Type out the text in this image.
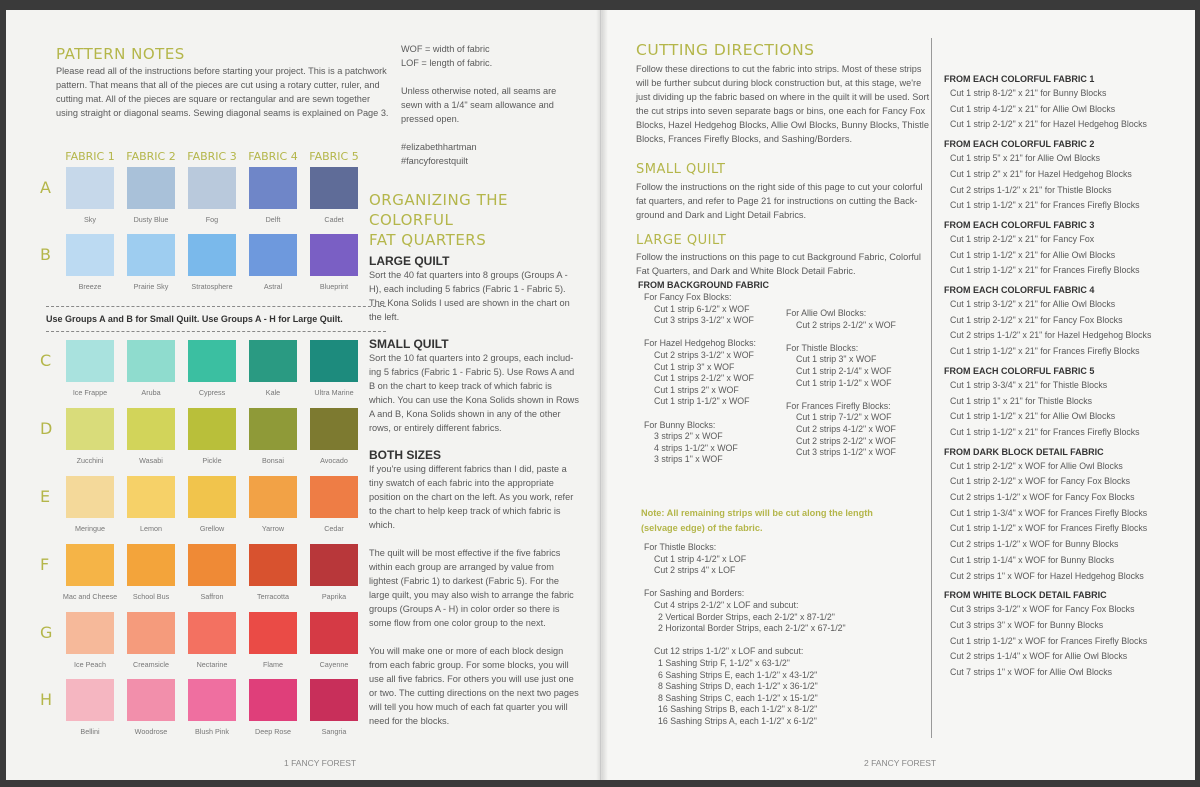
PATTERN NOTES
Please read all of the instructions before starting your project. This is a patchwork
pattern. That means that all of the pieces are cut using a rotary cutter, ruler, and
cutting mat. All of the pieces are square or rectangular and are sewn together
using straight or diagonal seams. Sewing diagonal seams is explained on Page 3.
WOF = width of fabric
LOF = length of fabric.

Unless otherwise noted, all seams are
sewn with a 1/4" seam allowance and
pressed open.

#elizabethhartman
#fancyforestquilt
FABRIC 1	FABRIC 2	FABRIC 3	FABRIC 4	FABRIC 5
A
Sky	Dusty Blue	Fog	Delft	Cadet
B
Breeze	Prairie Sky	Stratosphere	Astral	Blueprint
C
Ice Frappe	Aruba	Cypress	Kale	Ultra Marine
D
Zucchini	Wasabi	Pickle	Bonsai	Avocado
E
Meringue	Lemon	Grellow	Yarrow	Cedar
F
Mac and Cheese	School Bus	Saffron	Terracotta	Paprika
G
Ice Peach	Creamsicle	Nectarine	Flame	Cayenne
H
Bellini	Woodrose	Blush Pink	Deep Rose	Sangria
Use Groups A and B for Small Quilt. Use Groups A - H for Large Quilt.
ORGANIZING THE COLORFUL
FAT QUARTERS
LARGE QUILT
Sort the 40 fat quarters into 8 groups (Groups A -
H), each including 5 fabrics (Fabric 1 - Fabric 5).
The Kona Solids I used are shown in the chart on
the left.
SMALL QUILT
Sort the 10 fat quarters into 2 groups, each includ-
ing 5 fabrics (Fabric 1 - Fabric 5). Use Rows A and
B on the chart to keep track of which fabric is
which. You can use the Kona Solids shown in Rows
A and B, Kona Solids shown in any of the other
rows, or entirely different fabrics.
BOTH SIZES
If you're using different fabrics than I did, paste a
tiny swatch of each fabric into the appropriate
position on the chart on the left. As you work, refer
to the chart to help keep track of which fabric is
which.

The quilt will be most effective if the five fabrics
within each group are arranged by value from
lightest (Fabric 1) to darkest (Fabric 5). For the
large quilt, you may also wish to arrange the fabric
groups (Groups A - H) in color order so there is
some flow from one color group to the next.

You will make one or more of each block design
from each fabric group. For some blocks, you will
use all five fabrics. For others you will use just one
or two. The cutting directions on the next two pages
will tell you how much of each fat quarter you will
need for the blocks.
1 FANCY FOREST
CUTTING DIRECTIONS
Follow these directions to cut the fabric into strips. Most of these strips
will be further subcut during block construction but, at this stage, we're
just dividing up the fabric based on where in the quilt it will be used. Sort
the cut strips into seven separate bags or bins, one each for Fancy Fox
Blocks, Hazel Hedgehog Blocks, Allie Owl Blocks, Bunny Blocks, Thistle
Blocks, Frances Firefly Blocks, and Sashing/Borders.
SMALL QUILT
Follow the instructions on the right side of this page to cut your colorful
fat quarters, and refer to Page 21 for instructions on cutting the Back-
ground and Dark and Light Detail Fabrics.
LARGE QUILT
Follow the instructions on this page to cut Background Fabric, Colorful
Fat Quarters, and Dark and White Block Detail Fabric.
FROM BACKGROUND FABRIC
For Fancy Fox Blocks:
Cut 1 strip 6-1/2" x WOF
Cut 3 strips 3-1/2" x WOF

For Hazel Hedgehog Blocks:
Cut 2 strips 3-1/2" x WOF
Cut 1 strip 3" x WOF
Cut 1 strips 2-1/2" x WOF
Cut 1 strips 2" x WOF
Cut 1 strip 1-1/2" x WOF

For Bunny Blocks:
3 strips 2" x WOF
4 strips 1-1/2" x WOF
3 strips 1" x WOF
For Allie Owl Blocks:
Cut 2 strips 2-1/2" x WOF

For Thistle Blocks:
Cut 1 strip 3" x WOF
Cut 1 strip 2-1/4" x WOF
Cut 1 strip 1-1/2" x WOF

For Frances Firefly Blocks:
Cut 1 strip 7-1/2" x WOF
Cut 2 strips 4-1/2" x WOF
Cut 2 strips 2-1/2" x WOF
Cut 3 strips 1-1/2" x WOF
Note: All remaining strips will be cut along the length
(selvage edge) of the fabric.
For Thistle Blocks:
Cut 1 strip 4-1/2" x LOF
Cut 2 strips 4" x LOF

For Sashing and Borders:
Cut 4 strips 2-1/2" x LOF and subcut:
2 Vertical Border Strips, each 2-1/2" x 87-1/2"
2 Horizontal Border Strips, each 2-1/2" x 67-1/2"

Cut 12 strips 1-1/2" x LOF and subcut:
1 Sashing Strip F, 1-1/2" x 63-1/2"
6 Sashing Strips E, each 1-1/2" x 43-1/2"
8 Sashing Strips D, each 1-1/2" x 36-1/2"
8 Sashing Strips C, each 1-1/2" x 15-1/2"
16 Sashing Strips B, each 1-1/2" x 8-1/2"
16 Sashing Strips A, each 1-1/2" x 6-1/2"
FROM EACH COLORFUL FABRIC 1
Cut 1 strip 8-1/2" x 21" for Bunny Blocks
Cut 1 strip 4-1/2" x 21" for Allie Owl Blocks
Cut 1 strip 2-1/2" x 21" for Hazel Hedgehog Blocks
FROM EACH COLORFUL FABRIC 2
Cut 1 strip 5" x 21" for Allie Owl Blocks
Cut 1 strip 2" x 21" for Hazel Hedgehog Blocks
Cut 2 strips 1-1/2" x 21" for Thistle Blocks
Cut 1 strip 1-1/2" x 21" for Frances Firefly Blocks
FROM EACH COLORFUL FABRIC 3
Cut 1 strip 2-1/2" x 21" for Fancy Fox
Cut 1 strip 1-1/2" x 21" for Allie Owl Blocks
Cut 1 strip 1-1/2" x 21" for Frances Firefly Blocks
FROM EACH COLORFUL FABRIC 4
Cut 1 strip 3-1/2" x 21" for Allie Owl Blocks
Cut 1 strip 2-1/2" x 21" for Fancy Fox Blocks
Cut 2 strips 1-1/2" x 21" for Hazel Hedgehog Blocks
Cut 1 strip 1-1/2" x 21" for Frances Firefly Blocks
FROM EACH COLORFUL FABRIC 5
Cut 1 strip 3-3/4" x 21" for Thistle Blocks
Cut 1 strip 1" x 21" for Thistle Blocks
Cut 1 strip 1-1/2" x 21" for Allie Owl Blocks
Cut 1 strip 1-1/2" x 21" for Frances Firefly Blocks
FROM DARK BLOCK DETAIL FABRIC
Cut 1 strip 2-1/2" x WOF for Allie Owl Blocks
Cut 1 strip 2-1/2" x WOF for Fancy Fox Blocks
Cut 2 strips 1-1/2" x WOF for Fancy Fox Blocks
Cut 1 strip 1-3/4" x WOF for Frances Firefly Blocks
Cut 1 strip 1-1/2" x WOF for Frances Firefly Blocks
Cut 2 strips 1-1/2" x WOF for Bunny Blocks
Cut 1 strip 1-1/4" x WOF for Bunny Blocks
Cut 2 strips 1" x WOF for Hazel Hedgehog Blocks
FROM WHITE BLOCK DETAIL FABRIC
Cut 3 strips 3-1/2" x WOF for Fancy Fox Blocks
Cut 3 strips 3" x WOF for Bunny Blocks
Cut 1 strip 1-1/2" x WOF for Frances Firefly Blocks
Cut 2 strips 1-1/4" x WOF for Allie Owl Blocks
Cut 7 strips 1" x WOF for Allie Owl Blocks
2 FANCY FOREST
